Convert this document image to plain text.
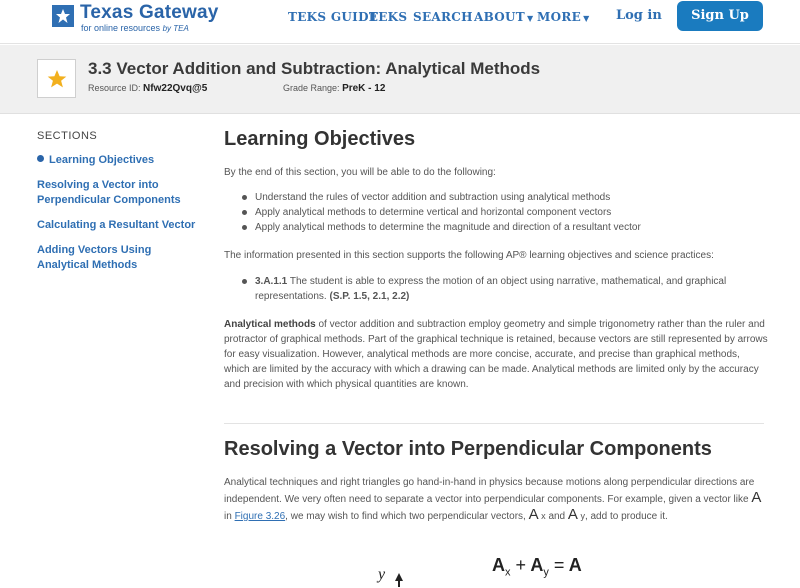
Texas Gateway
for online resources by TEA
TEKS GUIDE
TEKS SEARCH ABOUT ▼ MORE ▼ Log in	Sign Up
3.3 Vector Addition and Subtraction: Analytical Methods
Resource ID: Nfw22Qvq@5	Grade Range: PreK - 12
SECTIONS
Learning Objectives
Resolving a Vector into Perpendicular Components
Calculating a Resultant Vector
Adding Vectors Using Analytical Methods
Learning Objectives
By the end of this section, you will be able to do the following:
Understand the rules of vector addition and subtraction using analytical methods
Apply analytical methods to determine vertical and horizontal component vectors
Apply analytical methods to determine the magnitude and direction of a resultant vector
The information presented in this section supports the following AP® learning objectives and science practices:
3.A.1.1 The student is able to express the motion of an object using narrative, mathematical, and graphical representations. (S.P. 1.5, 2.1, 2.2)
Analytical methods of vector addition and subtraction employ geometry and simple trigonometry rather than the ruler and protractor of graphical methods. Part of the graphical technique is retained, because vectors are still represented by arrows for easy visualization. However, analytical methods are more concise, accurate, and precise than graphical methods, which are limited by the accuracy with which a drawing can be made. Analytical methods are limited only by the accuracy and precision with which physical quantities are known.
Resolving a Vector into Perpendicular Components
Analytical techniques and right triangles go hand-in-hand in physics because motions along perpendicular directions are independent. We very often need to separate a vector into perpendicular components. For example, given a vector like A in Figure 3.26, we may wish to find which two perpendicular vectors, A x and A y, add to produce it.
y	$A_x + A_y = A$
